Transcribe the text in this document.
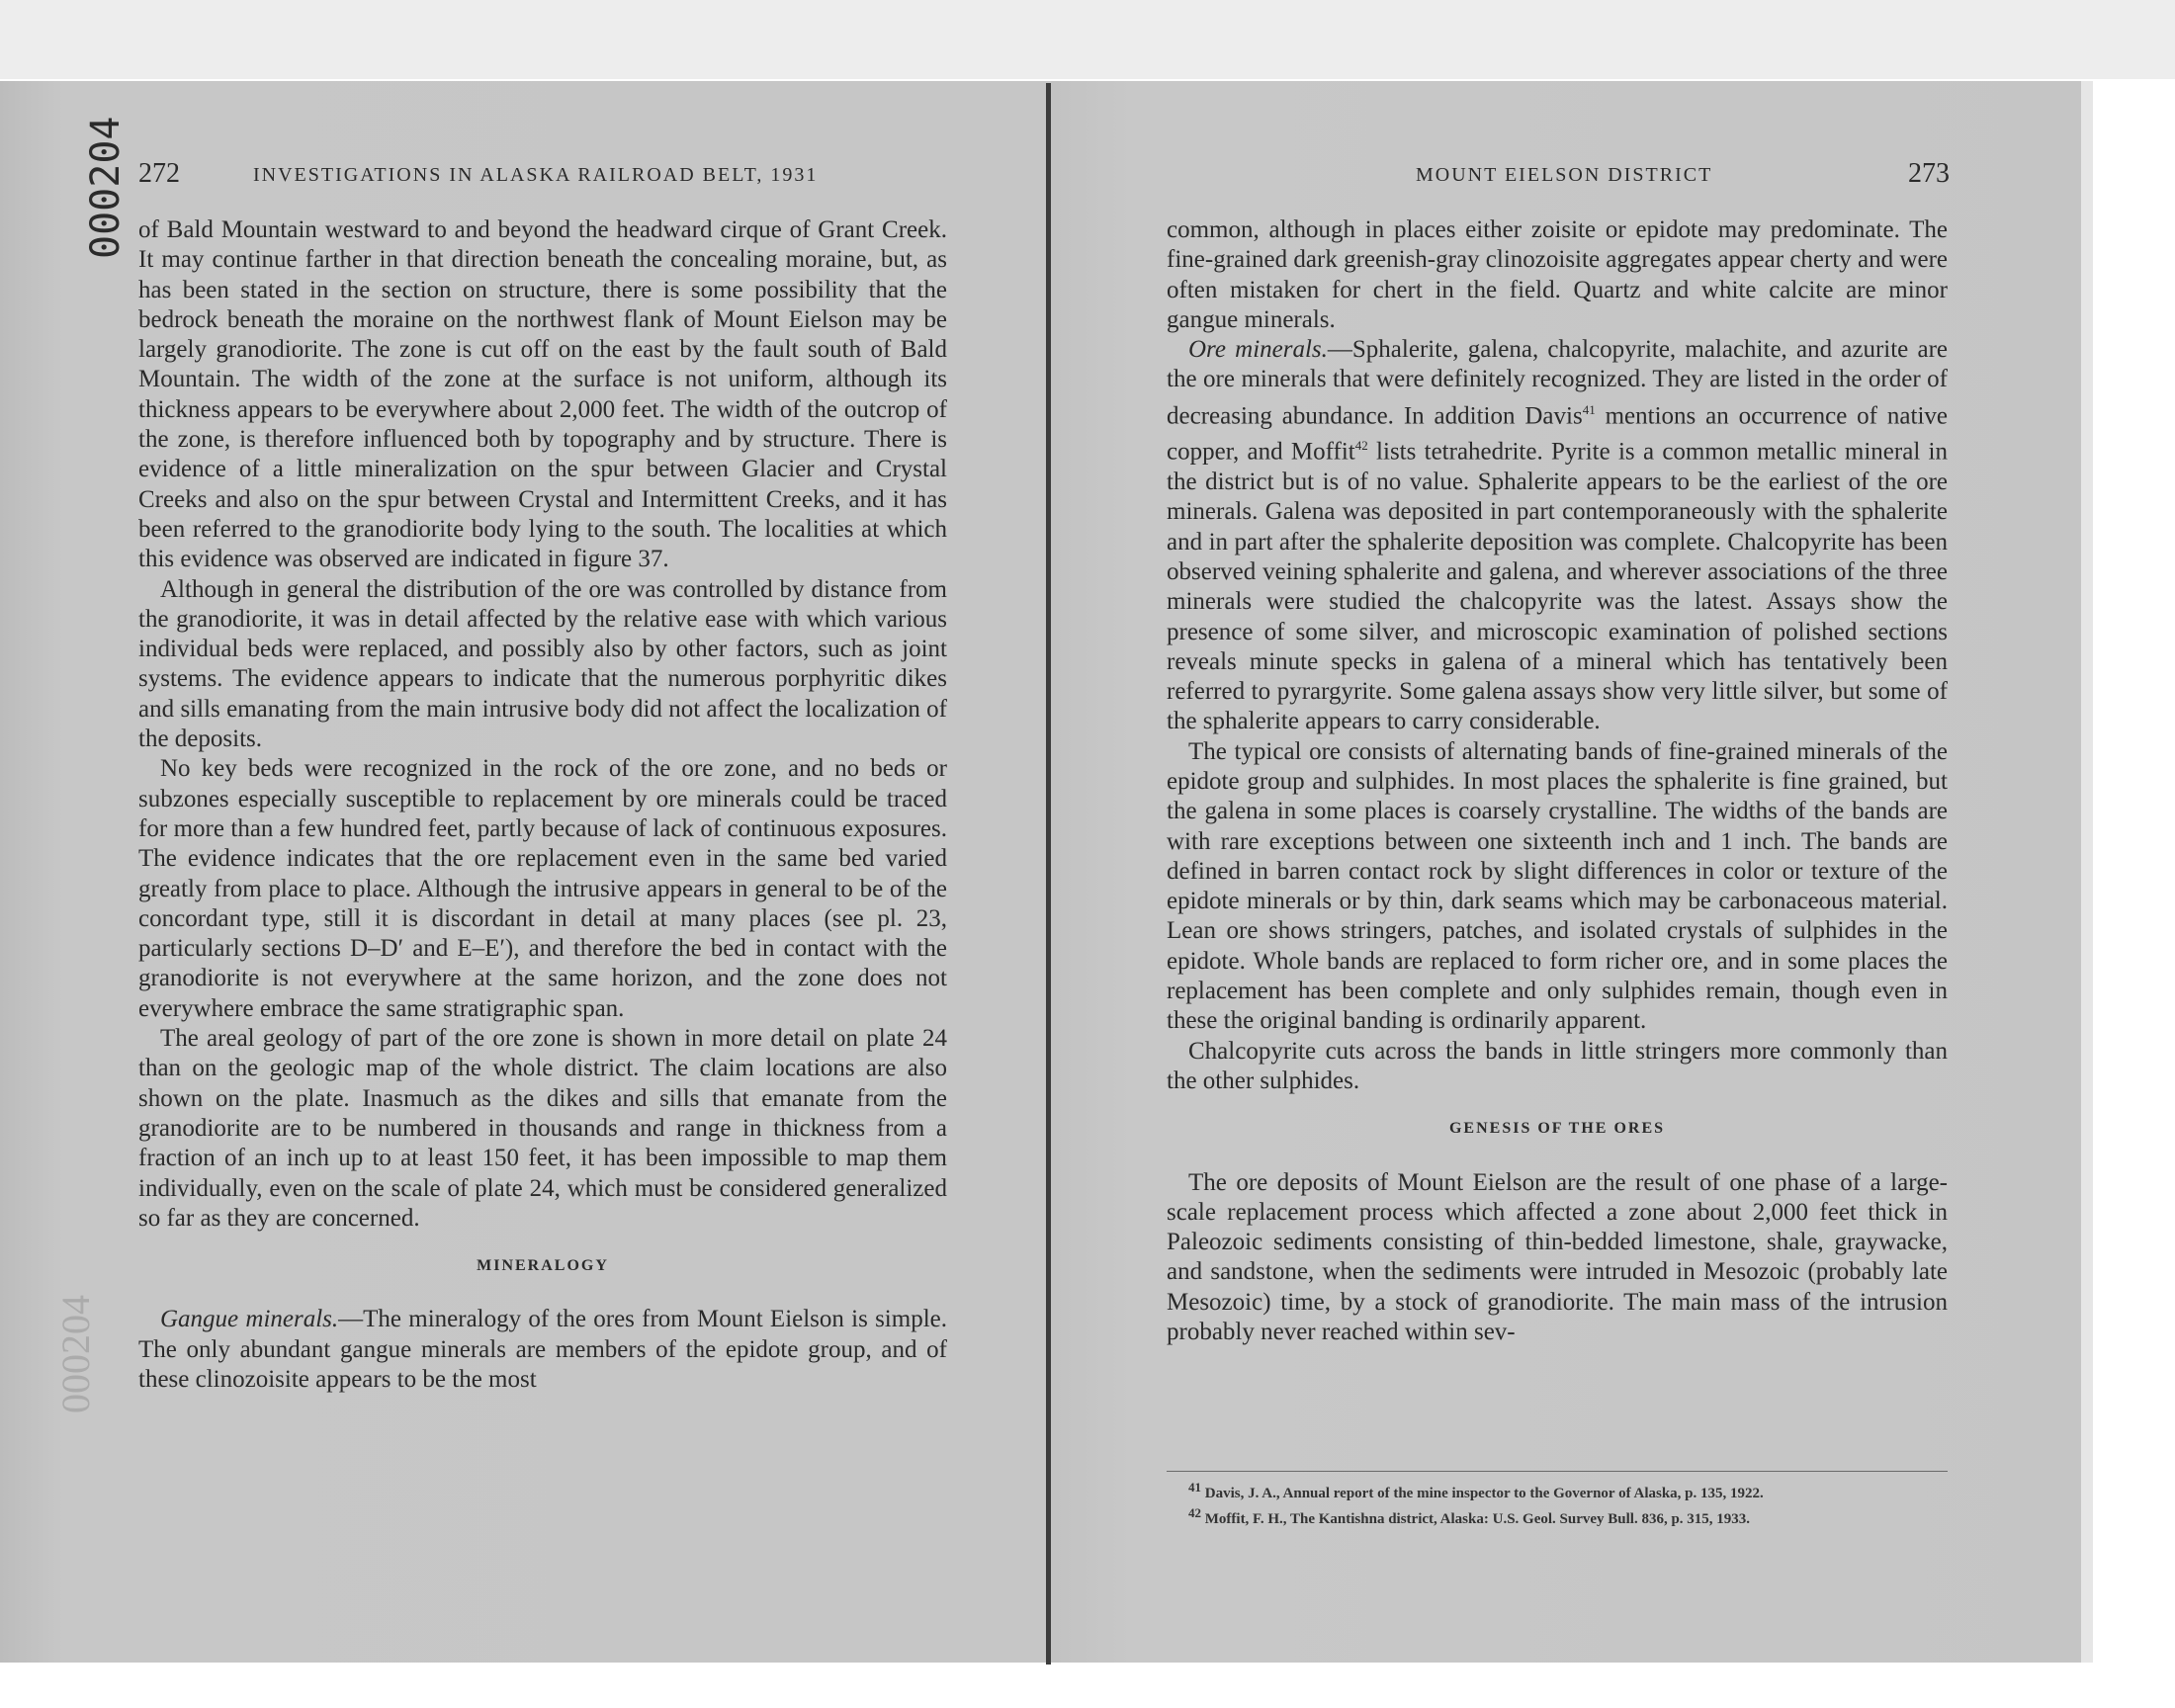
000204
000204
272	INVESTIGATIONS IN ALASKA RAILROAD BELT, 1931

of Bald Mountain westward to and beyond the headward cirque of Grant Creek. It may continue farther in that direction beneath the concealing moraine, but, as has been stated in the section on structure, there is some possibility that the bedrock beneath the moraine on the northwest flank of Mount Eielson may be largely granodiorite. The zone is cut off on the east by the fault south of Bald Mountain. The width of the zone at the surface is not uniform, although its thickness appears to be everywhere about 2,000 feet. The width of the outcrop of the zone, is therefore influenced both by topography and by structure. There is evidence of a little mineralization on the spur between Glacier and Crystal Creeks and also on the spur between Crystal and Intermittent Creeks, and it has been referred to the granodiorite body lying to the south. The localities at which this evidence was observed are indicated in figure 37.

Although in general the distribution of the ore was controlled by distance from the granodiorite, it was in detail affected by the relative ease with which various individual beds were replaced, and possibly also by other factors, such as joint systems. The evidence appears to indicate that the numerous porphyritic dikes and sills emanating from the main intrusive body did not affect the localization of the deposits.

No key beds were recognized in the rock of the ore zone, and no beds or subzones especially susceptible to replacement by ore minerals could be traced for more than a few hundred feet, partly because of lack of continuous exposures. The evidence indicates that the ore replacement even in the same bed varied greatly from place to place. Although the intrusive appears in general to be of the concordant type, still it is discordant in detail at many places (see pl. 23, particularly sections D–D′ and E–E′), and therefore the bed in contact with the granodiorite is not everywhere at the same horizon, and the zone does not everywhere embrace the same stratigraphic span.

The areal geology of part of the ore zone is shown in more detail on plate 24 than on the geologic map of the whole district. The claim locations are also shown on the plate. Inasmuch as the dikes and sills that emanate from the granodiorite are to be numbered in thousands and range in thickness from a fraction of an inch up to at least 150 feet, it has been impossible to map them individually, even on the scale of plate 24, which must be considered generalized so far as they are concerned.

MINERALOGY

Gangue minerals.—The mineralogy of the ores from Mount Eielson is simple. The only abundant gangue minerals are members of the epidote group, and of these clinozoisite appears to be the most

MOUNT EIELSON DISTRICT	273

common, although in places either zoisite or epidote may predominate. The fine-grained dark greenish-gray clinozoisite aggregates appear cherty and were often mistaken for chert in the field. Quartz and white calcite are minor gangue minerals.

Ore minerals.—Sphalerite, galena, chalcopyrite, malachite, and azurite are the ore minerals that were definitely recognized. They are listed in the order of decreasing abundance. In addition Davis$^{41}$ mentions an occurrence of native copper, and Moffit$^{42}$ lists tetrahedrite. Pyrite is a common metallic mineral in the district but is of no value. Sphalerite appears to be the earliest of the ore minerals. Galena was deposited in part contemporaneously with the sphalerite and in part after the sphalerite deposition was complete. Chalcopyrite has been observed veining sphalerite and galena, and wherever associations of the three minerals were studied the chalcopyrite was the latest. Assays show the presence of some silver, and microscopic examination of polished sections reveals minute specks in galena of a mineral which has tentatively been referred to pyrargyrite. Some galena assays show very little silver, but some of the sphalerite appears to carry considerable.

The typical ore consists of alternating bands of fine-grained minerals of the epidote group and sulphides. In most places the sphalerite is fine grained, but the galena in some places is coarsely crystalline. The widths of the bands are with rare exceptions between one sixteenth inch and 1 inch. The bands are defined in barren contact rock by slight differences in color or texture of the epidote minerals or by thin, dark seams which may be carbonaceous material. Lean ore shows stringers, patches, and isolated crystals of sulphides in the epidote. Whole bands are replaced to form richer ore, and in some places the replacement has been complete and only sulphides remain, though even in these the original banding is ordinarily apparent.

Chalcopyrite cuts across the bands in little stringers more commonly than the other sulphides.

GENESIS OF THE ORES

The ore deposits of Mount Eielson are the result of one phase of a large-scale replacement process which affected a zone about 2,000 feet thick in Paleozoic sediments consisting of thin-bedded limestone, shale, graywacke, and sandstone, when the sediments were intruded in Mesozoic (probably late Mesozoic) time, by a stock of granodiorite. The main mass of the intrusion probably never reached within sev-

$^{41}$ Davis, J. A., Annual report of the mine inspector to the Governor of Alaska, p. 135, 1922.

$^{42}$ Moffit, F. H., The Kantishna district, Alaska: U.S. Geol. Survey Bull. 836, p. 315, 1933.
